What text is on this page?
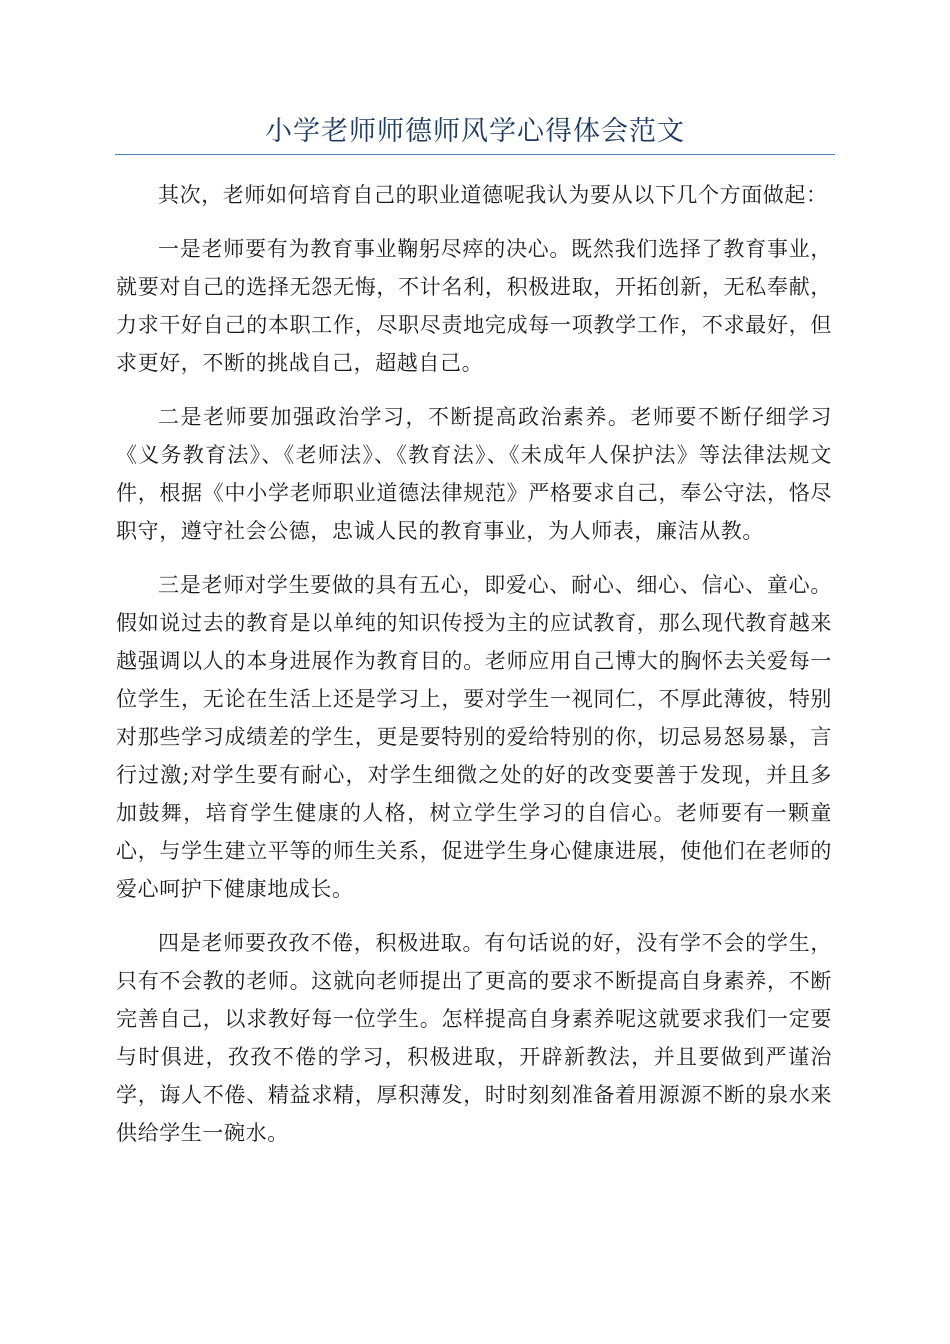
小学老师师德师风学心得体会范文

其次，老师如何培育自己的职业道德呢我认为要从以下几个方面做起：

一是老师要有为教育事业鞠躬尽瘁的决心。既然我们选择了教育事业，就要对自己的选择无怨无悔，不计名利，积极进取，开拓创新，无私奉献，力求干好自己的本职工作，尽职尽责地完成每一项教学工作，不求最好，但求更好，不断的挑战自己，超越自己。

二是老师要加强政治学习，不断提高政治素养。老师要不断仔细学习《义务教育法》、《老师法》、《教育法》、《未成年人保护法》等法律法规文件，根据《中小学老师职业道德法律规范》严格要求自己，奉公守法，恪尽职守，遵守社会公德，忠诚人民的教育事业，为人师表，廉洁从教。

三是老师对学生要做的具有五心，即爱心、耐心、细心、信心、童心。假如说过去的教育是以单纯的知识传授为主的应试教育，那么现代教育越来越强调以人的本身进展作为教育目的。老师应用自己博大的胸怀去关爱每一位学生，无论在生活上还是学习上，要对学生一视同仁，不厚此薄彼，特别对那些学习成绩差的学生，更是要特别的爱给特别的你，切忌易怒易暴，言行过激;对学生要有耐心，对学生细微之处的好的改变要善于发现，并且多加鼓舞，培育学生健康的人格，树立学生学习的自信心。老师要有一颗童心，与学生建立平等的师生关系，促进学生身心健康进展，使他们在老师的爱心呵护下健康地成长。

四是老师要孜孜不倦，积极进取。有句话说的好，没有学不会的学生，只有不会教的老师。这就向老师提出了更高的要求不断提高自身素养，不断完善自己，以求教好每一位学生。怎样提高自身素养呢这就要求我们一定要与时俱进，孜孜不倦的学习，积极进取，开辟新教法，并且要做到严谨治学，诲人不倦、精益求精，厚积薄发，时时刻刻准备着用源源不断的泉水来供给学生一碗水。
